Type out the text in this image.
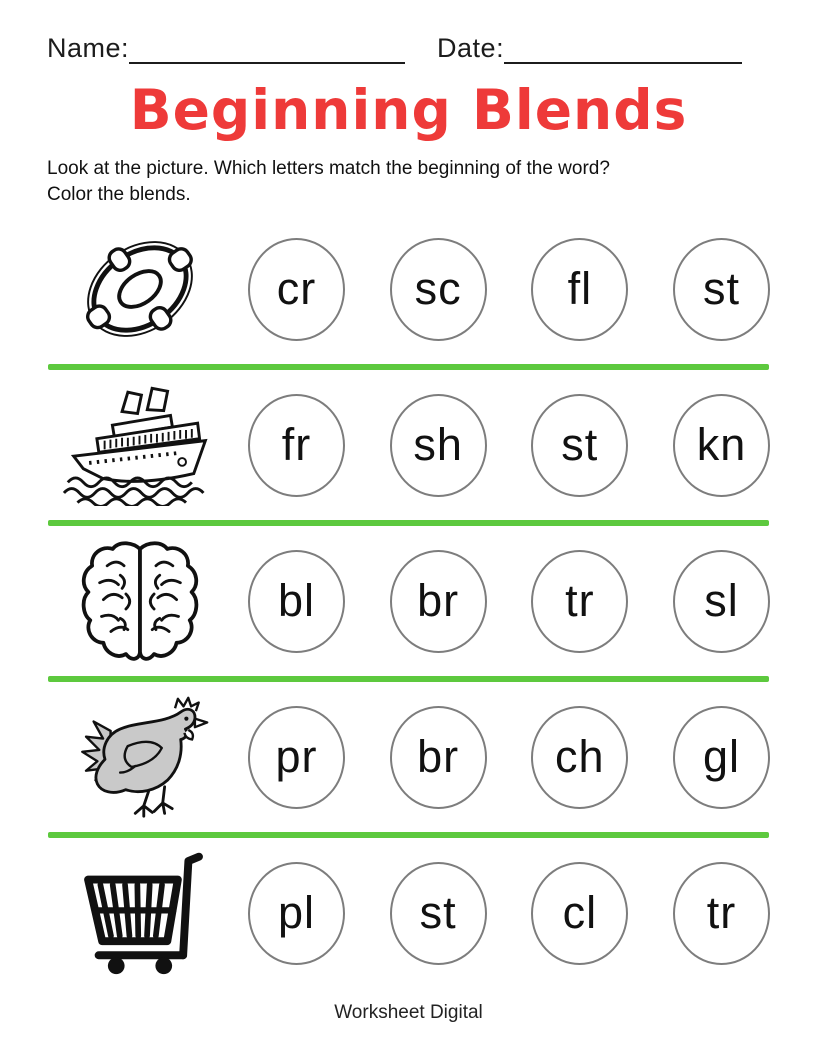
Name:	Date:
Beginning Blends
Look at the picture. Which letters match the beginning of the word?
Color the blends.
cr	sc	fl	st
fr	sh	st	kn
bl	br	tr	sl
pr	br	ch	gl
pl	st	cl	tr
Worksheet Digital
